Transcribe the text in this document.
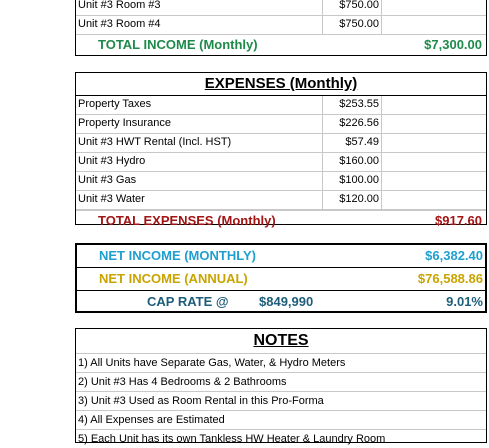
Unit #3 Room #3	$750.00
Unit #3 Room #4	$750.00
TOTAL INCOME (Monthly)	$7,300.00
EXPENSES (Monthly)
Property Taxes	$253.55
Property Insurance	$226.56
Unit #3 HWT Rental (Incl. HST)	$57.49
Unit #3 Hydro	$160.00
Unit #3 Gas	$100.00
Unit #3 Water	$120.00
TOTAL EXPENSES (Monthly)	$917.60
NET INCOME (MONTHLY)	$6,382.40
NET INCOME (ANNUAL)	$76,588.86
CAP RATE @ $849,990	9.01%
NOTES
1) All Units have Separate Gas, Water, & Hydro Meters
2) Unit #3 Has 4 Bedrooms & 2 Bathrooms
3) Unit #3 Used as Room Rental in this Pro-Forma
4) All Expenses are Estimated
5) Each Unit has its own Tankless HW Heater & Laundry Room
